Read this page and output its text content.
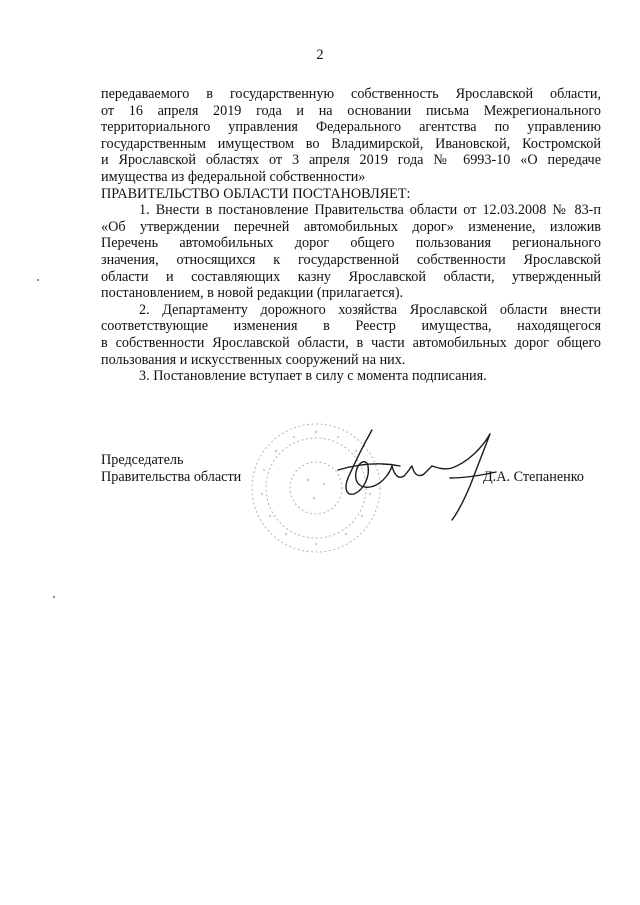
2
передаваемого в государственную собственность Ярославской области,
от 16 апреля 2019 года и на основании письма Межрегионального
территориального управления Федерального агентства по управлению
государственным имуществом во Владимирской, Ивановской, Костромской
и Ярославской областях от 3 апреля 2019 года № 6993-10 «О передаче
имущества из федеральной собственности»
ПРАВИТЕЛЬСТВО ОБЛАСТИ ПОСТАНОВЛЯЕТ:
1. Внести в постановление Правительства области от 12.03.2008 № 83-п
«Об утверждении перечней автомобильных дорог» изменение, изложив
Перечень автомобильных дорог общего пользования регионального
значения, относящихся к государственной собственности Ярославской
области и составляющих казну Ярославской области, утвержденный
постановлением, в новой редакции (прилагается).
2. Департаменту дорожного хозяйства Ярославской области внести
соответствующие изменения в Реестр имущества, находящегося
в собственности Ярославской области, в части автомобильных дорог общего
пользования и искусственных сооружений на них.
3. Постановление вступает в силу с момента подписания.
Председатель
Правительства области	Д.А. Степаненко
